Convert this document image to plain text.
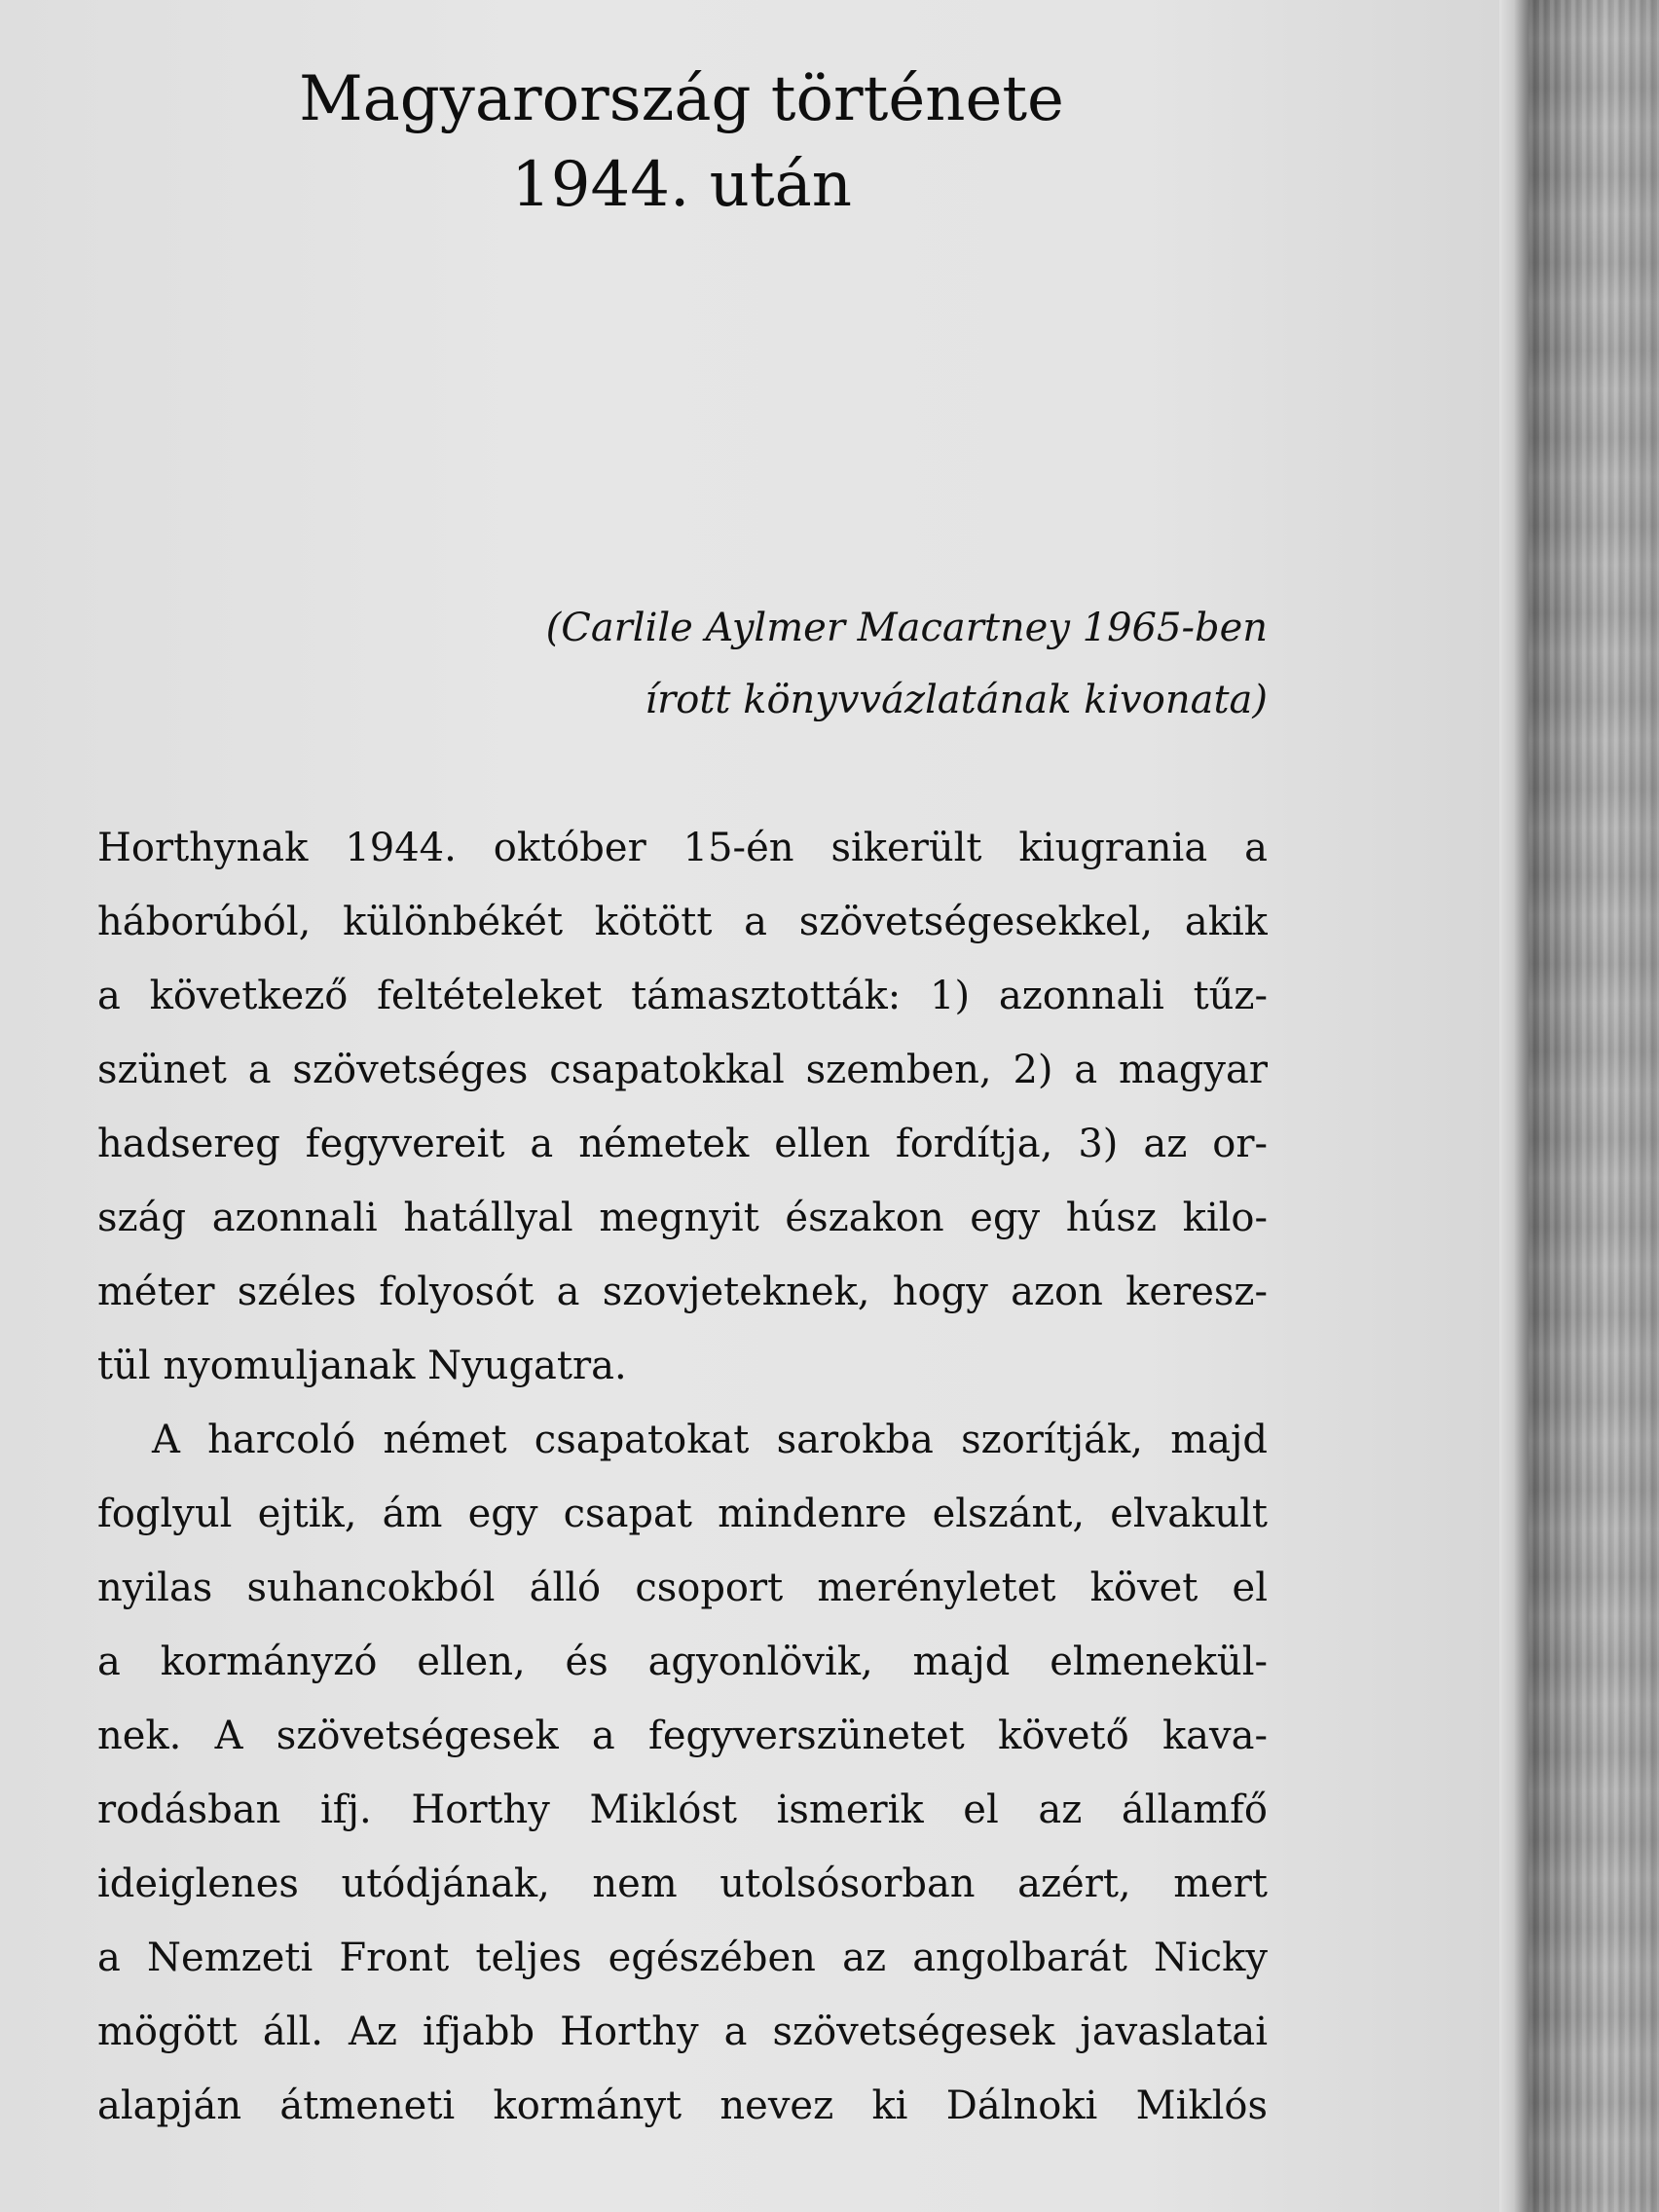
Magyarország története
1944. után

(Carlile Aylmer Macartney 1965-ben
írott könyvvázlatának kivonata)

Horthynak 1944. október 15-én sikerült kiugrania a
háborúból, különbékét kötött a szövetségesekkel, akik
a következő feltételeket támasztották: 1) azonnali tűz-
szünet a szövetséges csapatokkal szemben, 2) a magyar
hadsereg fegyvereit a németek ellen fordítja, 3) az or-
szág azonnali hatállyal megnyit északon egy húsz kilo-
méter széles folyosót a szovjeteknek, hogy azon keresz-
tül nyomuljanak Nyugatra.
A harcoló német csapatokat sarokba szorítják, majd
foglyul ejtik, ám egy csapat mindenre elszánt, elvakult
nyilas suhancokból álló csoport merényletet követ el
a kormányzó ellen, és agyonlövik, majd elmenekül-
nek. A szövetségesek a fegyverszünetet követő kava-
rodásban ifj. Horthy Miklóst ismerik el az államfő
ideiglenes utódjának, nem utolsósorban azért, mert
a Nemzeti Front teljes egészében az angolbarát Nicky
mögött áll. Az ifjabb Horthy a szövetségesek javaslatai
alapján átmeneti kormányt nevez ki Dálnoki Miklós
